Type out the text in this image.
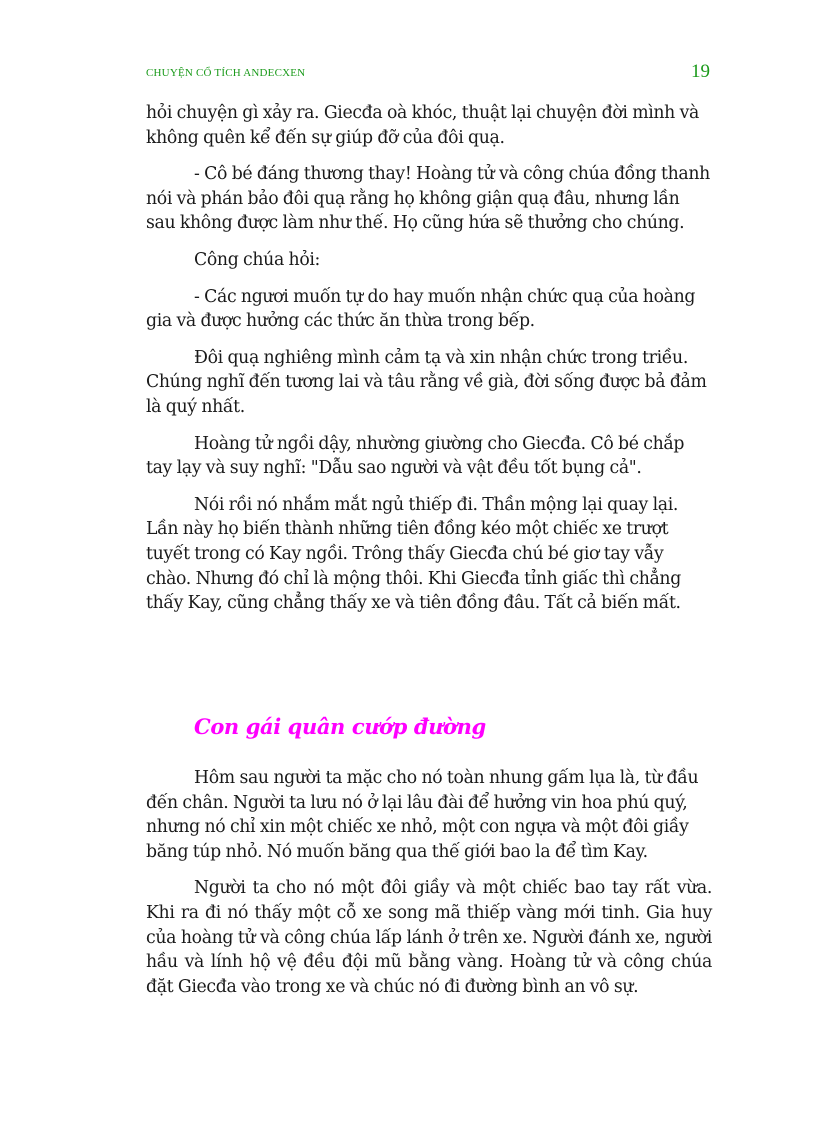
CHUYỆN CỔ TÍCH ANDECXEN	19

hỏi chuyện gì xảy ra. Giecđa oà khóc, thuật lại chuyện đời mình và không quên kể đến sự giúp đỡ của đôi quạ.

- Cô bé đáng thương thay! Hoàng tử và công chúa đồng thanh nói và phán bảo đôi quạ rằng họ không giận quạ đâu, nhưng lần sau không được làm như thế. Họ cũng hứa sẽ thưởng cho chúng.

Công chúa hỏi:

- Các ngươi muốn tự do hay muốn nhận chức quạ của hoàng gia và được hưởng các thức ăn thừa trong bếp.

Đôi quạ nghiêng mình cảm tạ và xin nhận chức trong triều. Chúng nghĩ đến tương lai và tâu rằng về già, đời sống được bả đảm là quý nhất.

Hoàng tử ngồi dậy, nhường giường cho Giecđa. Cô bé chắp tay lạy và suy nghĩ: "Dẫu sao người và vật đều tốt bụng cả".

Nói rồi nó nhắm mắt ngủ thiếp đi. Thần mộng lại quay lại. Lần này họ biến thành những tiên đồng kéo một chiếc xe trượt tuyết trong có Kay ngồi. Trông thấy Giecđa chú bé giơ tay vẫy chào. Nhưng đó chỉ là mộng thôi. Khi Giecđa tỉnh giấc thì chẳng thấy Kay, cũng chẳng thấy xe và tiên đồng đâu. Tất cả biến mất.

Con gái quân cướp đường

Hôm sau người ta mặc cho nó toàn nhung gấm lụa là, từ đầu đến chân. Người ta lưu nó ở lại lâu đài để hưởng vin hoa phú quý, nhưng nó chỉ xin một chiếc xe nhỏ, một con ngựa và một đôi giầy băng túp nhỏ. Nó muốn băng qua thế giới bao la để tìm Kay.

Người ta cho nó một đôi giầy và một chiếc bao tay rất vừa. Khi ra đi nó thấy một cỗ xe song mã thiếp vàng mới tinh. Gia huy của hoàng tử và công chúa lấp lánh ở trên xe. Người đánh xe, người hầu và lính hộ vệ đều đội mũ bằng vàng. Hoàng tử và công chúa đặt Giecđa vào trong xe và chúc nó đi đường bình an vô sự.
